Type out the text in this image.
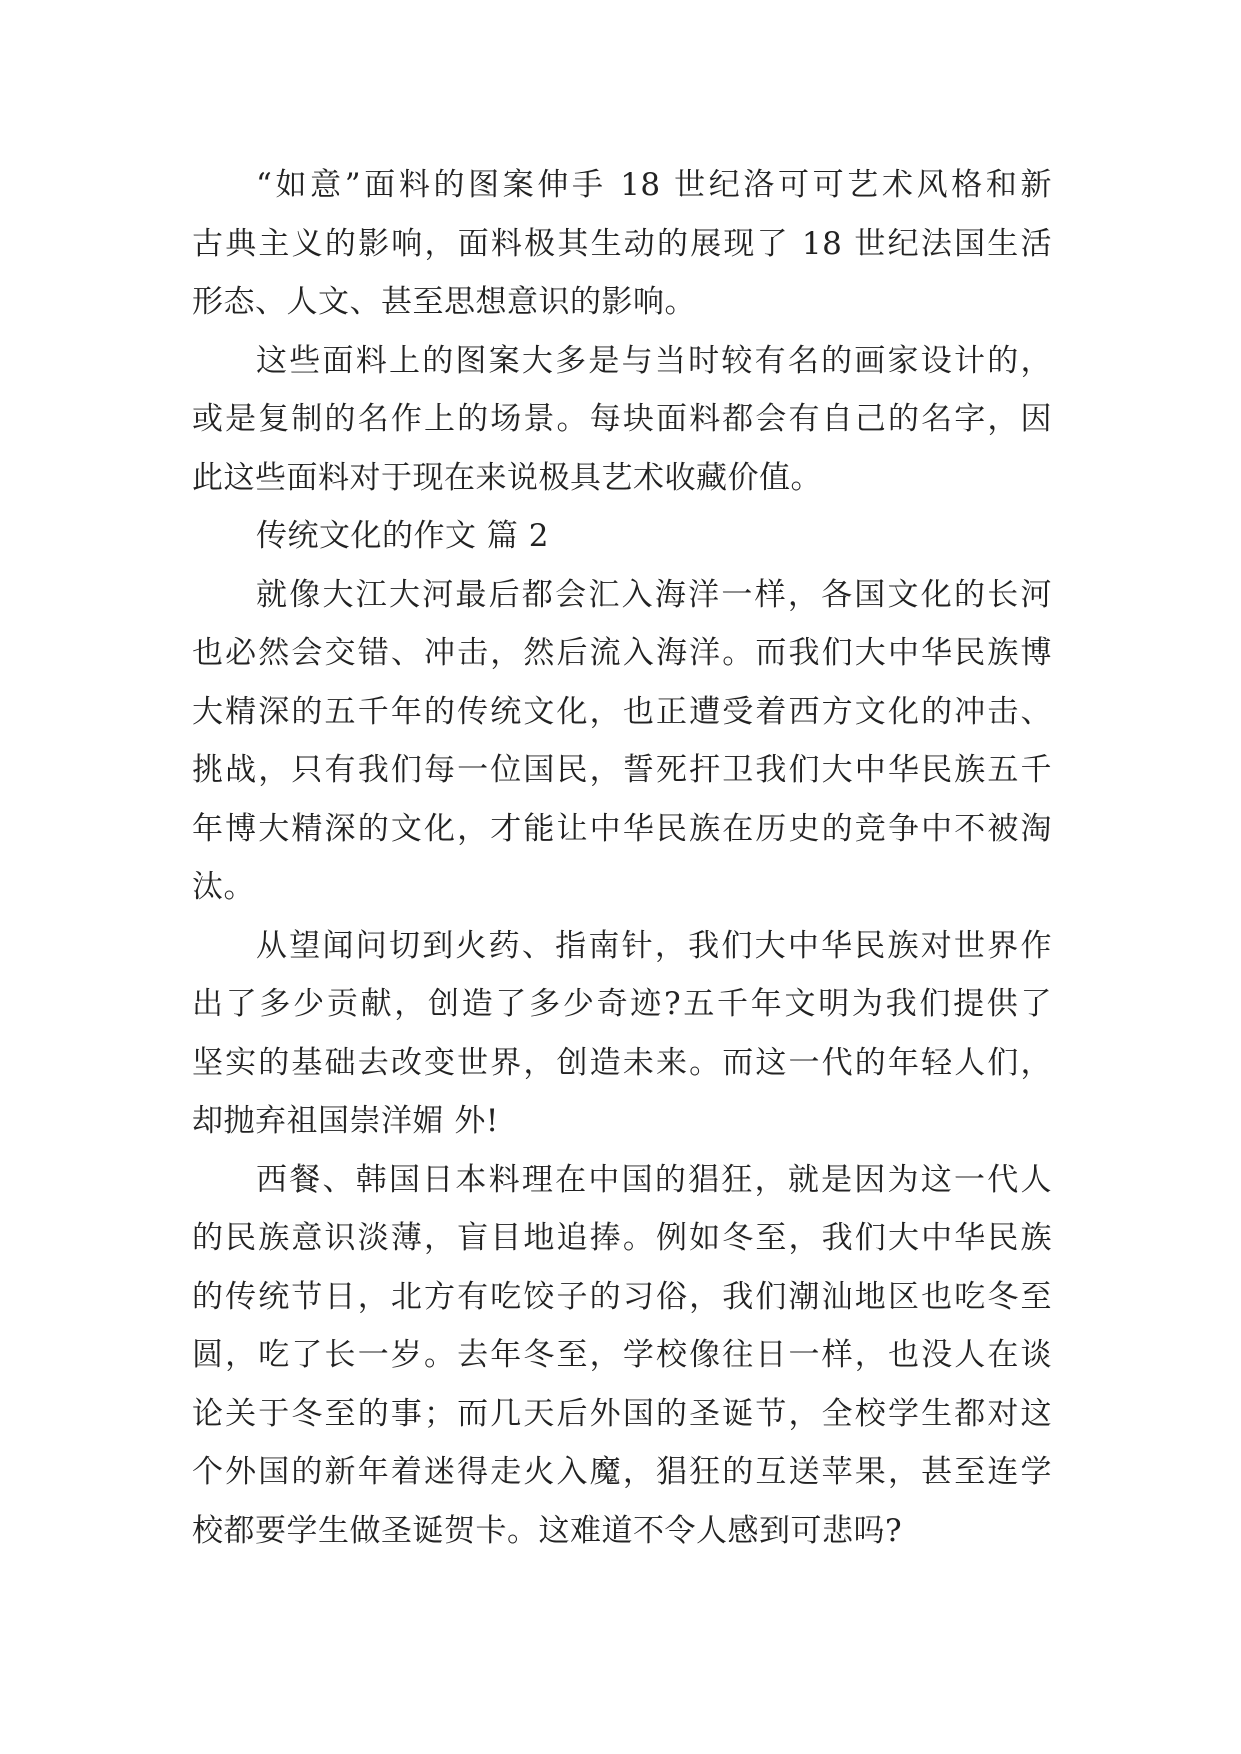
“如意”面料的图案伸手 18 世纪洛可可艺术风格和新
古典主义的影响，面料极其生动的展现了 18 世纪法国生活
形态、人文、甚至思想意识的影响。
这些面料上的图案大多是与当时较有名的画家设计的，
或是复制的名作上的场景。每块面料都会有自己的名字，因
此这些面料对于现在来说极具艺术收藏价值。
传统文化的作文 篇 2
就像大江大河最后都会汇入海洋一样，各国文化的长河
也必然会交错、冲击，然后流入海洋。而我们大中华民族博
大精深的五千年的传统文化，也正遭受着西方文化的冲击、
挑战，只有我们每一位国民，誓死扞卫我们大中华民族五千
年博大精深的文化，才能让中华民族在历史的竞争中不被淘
汰。
从望闻问切到火药、指南针，我们大中华民族对世界作
出了多少贡献，创造了多少奇迹?五千年文明为我们提供了
坚实的基础去改变世界，创造未来。而这一代的年轻人们，
却抛弃祖国崇洋媚 外!
西餐、韩国日本料理在中国的猖狂，就是因为这一代人
的民族意识淡薄，盲目地追捧。例如冬至，我们大中华民族
的传统节日，北方有吃饺子的习俗，我们潮汕地区也吃冬至
圆，吃了长一岁。去年冬至，学校像往日一样，也没人在谈
论关于冬至的事；而几天后外国的圣诞节，全校学生都对这
个外国的新年着迷得走火入魔，猖狂的互送苹果，甚至连学
校都要学生做圣诞贺卡。这难道不令人感到可悲吗?
